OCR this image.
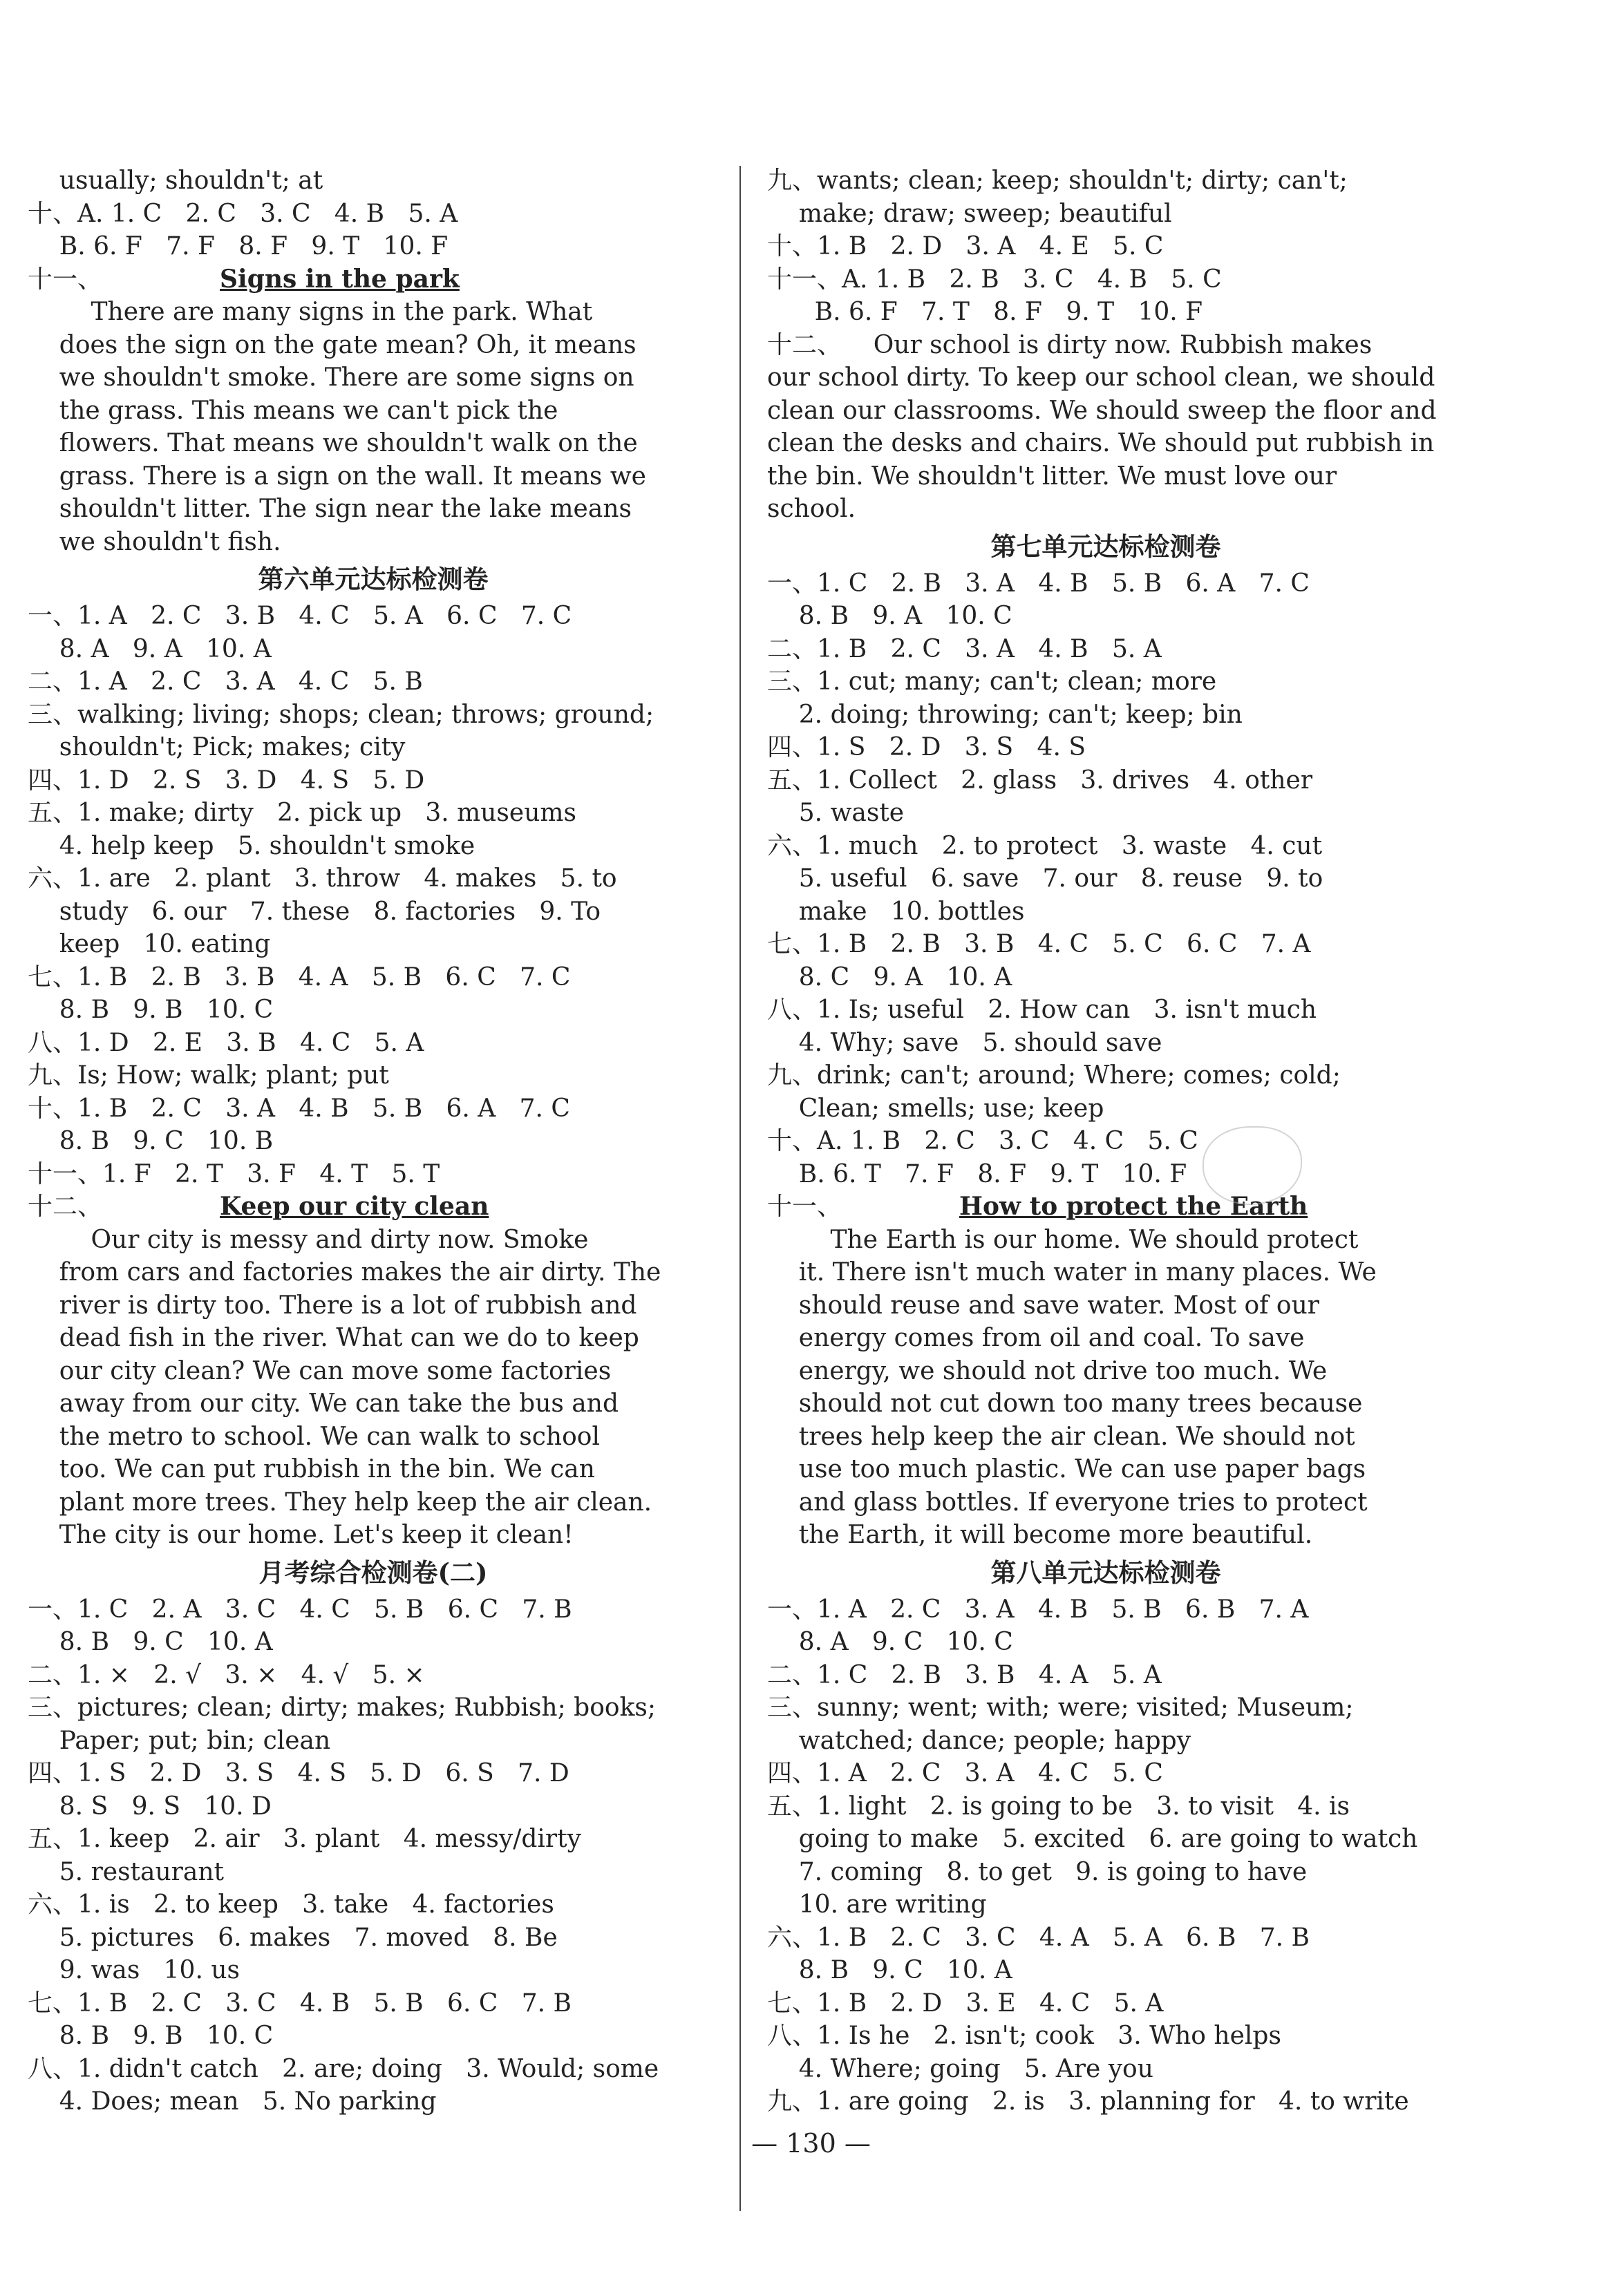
usually; shouldn't; at
十、A. 1. C   2. C   3. C   4. B   5. A
B. 6. F   7. F   8. F   9. T   10. F
十一、	Signs in the park
There are many signs in the park. What
does the sign on the gate mean? Oh, it means
we shouldn't smoke. There are some signs on
the grass. This means we can't pick the
flowers. That means we shouldn't walk on the
grass. There is a sign on the wall. It means we
shouldn't litter. The sign near the lake means
we shouldn't fish.
第六单元达标检测卷
一、1. A   2. C   3. B   4. C   5. A   6. C   7. C
8. A   9. A   10. A
二、1. A   2. C   3. A   4. C   5. B
三、walking; living; shops; clean; throws; ground;
shouldn't; Pick; makes; city
四、1. D   2. S   3. D   4. S   5. D
五、1. make; dirty   2. pick up   3. museums
4. help keep   5. shouldn't smoke
六、1. are   2. plant   3. throw   4. makes   5. to
study   6. our   7. these   8. factories   9. To
keep   10. eating
七、1. B   2. B   3. B   4. A   5. B   6. C   7. C
8. B   9. B   10. C
八、1. D   2. E   3. B   4. C   5. A
九、Is; How; walk; plant; put
十、1. B   2. C   3. A   4. B   5. B   6. A   7. C
8. B   9. C   10. B
十一、1. F   2. T   3. F   4. T   5. T
十二、	Keep our city clean
Our city is messy and dirty now. Smoke
from cars and factories makes the air dirty. The
river is dirty too. There is a lot of rubbish and
dead fish in the river. What can we do to keep
our city clean? We can move some factories
away from our city. We can take the bus and
the metro to school. We can walk to school
too. We can put rubbish in the bin. We can
plant more trees. They help keep the air clean.
The city is our home. Let's keep it clean!
月考综合检测卷(二)
一、1. C   2. A   3. C   4. C   5. B   6. C   7. B
8. B   9. C   10. A
二、1. ×   2. √   3. ×   4. √   5. ×
三、pictures; clean; dirty; makes; Rubbish; books;
Paper; put; bin; clean
四、1. S   2. D   3. S   4. S   5. D   6. S   7. D
8. S   9. S   10. D
五、1. keep   2. air   3. plant   4. messy/dirty
5. restaurant
六、1. is   2. to keep   3. take   4. factories
5. pictures   6. makes   7. moved   8. Be
9. was   10. us
七、1. B   2. C   3. C   4. B   5. B   6. C   7. B
8. B   9. B   10. C
八、1. didn't catch   2. are; doing   3. Would; some
4. Does; mean   5. No parking
九、wants; clean; keep; shouldn't; dirty; can't;
make; draw; sweep; beautiful
十、1. B   2. D   3. A   4. E   5. C
十一、A. 1. B   2. B   3. C   4. B   5. C
B. 6. F   7. T   8. F   9. T   10. F
十二、    Our school is dirty now. Rubbish makes
our school dirty. To keep our school clean, we should
clean our classrooms. We should sweep the floor and
clean the desks and chairs. We should put rubbish in
the bin. We shouldn't litter. We must love our
school.
第七单元达标检测卷
一、1. C   2. B   3. A   4. B   5. B   6. A   7. C
8. B   9. A   10. C
二、1. B   2. C   3. A   4. B   5. A
三、1. cut; many; can't; clean; more
2. doing; throwing; can't; keep; bin
四、1. S   2. D   3. S   4. S
五、1. Collect   2. glass   3. drives   4. other
5. waste
六、1. much   2. to protect   3. waste   4. cut
5. useful   6. save   7. our   8. reuse   9. to
make   10. bottles
七、1. B   2. B   3. B   4. C   5. C   6. C   7. A
8. C   9. A   10. A
八、1. Is; useful   2. How can   3. isn't much
4. Why; save   5. should save
九、drink; can't; around; Where; comes; cold;
Clean; smells; use; keep
十、A. 1. B   2. C   3. C   4. C   5. C
B. 6. T   7. F   8. F   9. T   10. F
十一、	How to protect the Earth
The Earth is our home. We should protect
it. There isn't much water in many places. We
should reuse and save water. Most of our
energy comes from oil and coal. To save
energy, we should not drive too much. We
should not cut down too many trees because
trees help keep the air clean. We should not
use too much plastic. We can use paper bags
and glass bottles. If everyone tries to protect
the Earth, it will become more beautiful.
第八单元达标检测卷
一、1. A   2. C   3. A   4. B   5. B   6. B   7. A
8. A   9. C   10. C
二、1. C   2. B   3. B   4. A   5. A
三、sunny; went; with; were; visited; Museum;
watched; dance; people; happy
四、1. A   2. C   3. A   4. C   5. C
五、1. light   2. is going to be   3. to visit   4. is
going to make   5. excited   6. are going to watch
7. coming   8. to get   9. is going to have
10. are writing
六、1. B   2. C   3. C   4. A   5. A   6. B   7. B
8. B   9. C   10. A
七、1. B   2. D   3. E   4. C   5. A
八、1. Is he   2. isn't; cook   3. Who helps
4. Where; going   5. Are you
九、1. are going   2. is   3. planning for   4. to write
— 130 —
